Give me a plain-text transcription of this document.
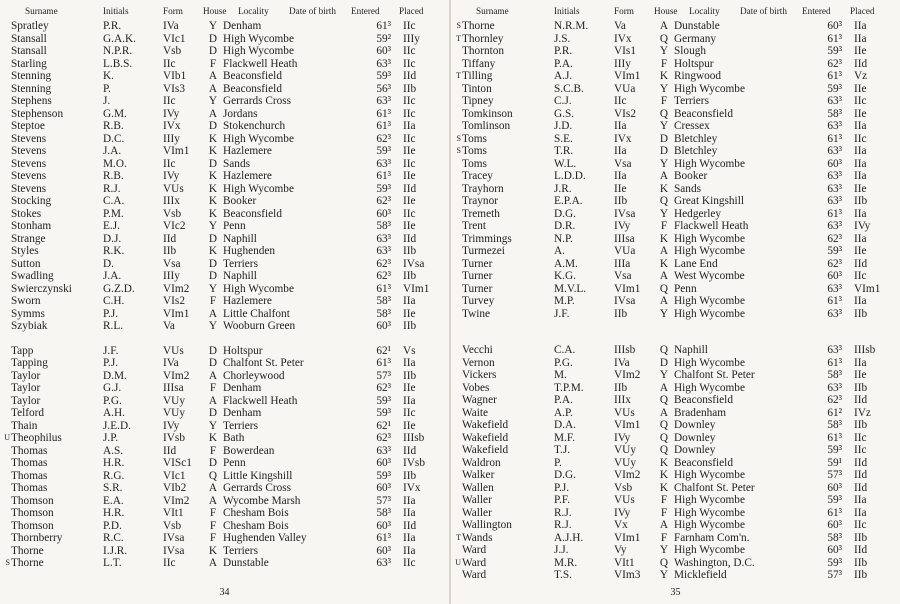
	Surname	Initials	Form	House	Locality Date of birth	Entered	Placed
	Spratley	P.R.	IVa	Y	Denham	61³	IIc
	Stansall	G.A.K.	VIc1	D	High Wycombe	59²	IIIy
	Stansall	N.P.R.	Vsb	D	High Wycombe	60³	IIc
	Starling	L.B.S.	IIc	F	Flackwell Heath	63³	IIc
	Stenning	K.	VIb1	A	Beaconsfield	59³	IId
	Stenning	P.	VIs3	A	Beaconsfield	56³	IIb
	Stephens	J.	IIc	Y	Gerrards Cross	63³	IIc
	Stephenson	G.M.	IVy	A	Jordans	61³	IIc
	Steptoe	R.B.	IVx	D	Stokenchurch	61³	IIa
	Stevens	D.C.	IIIy	K	High Wycombe	62³	IIc
	Stevens	J.A.	VIm1	K	Hazlemere	59³	IIe
	Stevens	M.O.	IIc	D	Sands	63³	IIc
	Stevens	R.B.	IVy	K	Hazlemere	61³	IIe
	Stevens	R.J.	VUs	K	High Wycombe	59³	IId
	Stocking	C.A.	IIIx	K	Booker	62³	IIe
	Stokes	P.M.	Vsb	K	Beaconsfield	60³	IIc
	Stonham	E.J.	VIc2	Y	Penn	58³	IIe
	Strange	D.J.	IId	D	Naphill	63³	IId
	Styles	R.K.	IIb	K	Hughenden	63³	IIb
	Sutton	D.	Vsa	D	Terriers	62³	IVsa
	Swadling	J.A.	IIIy	D	Naphill	62³	IIb
	Swierczynski	G.Z.D.	VIm2	Y	High Wycombe	61³	VIm1
	Sworn	C.H.	VIs2	F	Hazlemere	58³	IIa
	Symms	P.J.	VIm1	A	Little Chalfont	58³	IIe
	Szybiak	R.L.	Va	Y	Wooburn Green	60³	IIb

	Tapp	J.F.	VUs	D	Holtspur	62¹	Vs
	Tapping	P.J.	IVa	D	Chalfont St. Peter	61³	IIa
	Taylor	D.M.	VIm2	A	Chorleywood	57³	IIb
	Taylor	G.J.	IIIsa	F	Denham	62³	IIe
	Taylor	P.G.	VUy	A	Flackwell Heath	59³	IIa
	Telford	A.H.	VUy	D	Denham	59³	IIc
	Thain	J.E.D.	IVy	Y	Terriers	62¹	IIe
U	Theophilus	J.P.	IVsb	K	Bath	62³	IIIsb
	Thomas	A.S.	IId	F	Bowerdean	63³	IId
	Thomas	H.R.	VISc1	D	Penn	60³	IVsb
	Thomas	R.G.	VIc1	Q	Little Kingshill	59³	IIb
	Thomas	S.R.	VIb2	A	Gerrards Cross	60³	IVx
	Thomson	E.A.	VIm2	A	Wycombe Marsh	57³	IIa
	Thomson	H.R.	VIt1	F	Chesham Bois	58³	IIa
	Thomson	P.D.	Vsb	F	Chesham Bois	60³	IId
	Thornberry	R.C.	IVsa	F	Hughenden Valley	61³	IIa
	Thorne	I.J.R.	IVsa	K	Terriers	60³	IIa
S	Thorne	L.T.	IIc	A	Dunstable	63³	IIc
34
	Surname	Initials	Form	House	Locality Date of birth	Entered	Placed
S	Thorne	N.R.M.	Va	A	Dunstable	60³	IIa
T	Thornley	J.S.	IVx	Q	Germany	61³	IIa
	Thornton	P.R.	VIs1	Y	Slough	59³	IIe
	Tiffany	P.A.	IIIy	F	Holtspur	62³	IId
T	Tilling	A.J.	VIm1	K	Ringwood	61³	Vz
	Tinton	S.C.B.	VUa	Y	High Wycombe	59³	IIe
	Tipney	C.J.	IIc	F	Terriers	63³	IIc
	Tomkinson	G.S.	VIs2	Q	Beaconsfield	58³	IIe
	Tomlinson	J.D.	IIa	Y	Cressex	63³	IIa
S	Toms	S.E.	IVx	D	Bletchley	61³	IIc
S	Toms	T.R.	IIa	D	Bletchley	63³	IIa
	Toms	W.L.	Vsa	Y	High Wycombe	60³	IIa
	Tracey	L.D.D.	IIa	A	Booker	63³	IIa
	Trayhorn	J.R.	IIe	K	Sands	63³	IIe
	Traynor	E.P.A.	IIb	Q	Great Kingshill	63³	IIb
	Tremeth	D.G.	IVsa	Y	Hedgerley	61³	IIa
	Trent	D.R.	IVy	F	Flackwell Heath	63³	IVy
	Trimmings	N.P.	IIIsa	K	High Wycombe	62³	IIa
	Turmezei	A.	VUa	A	High Wycombe	59³	IIe
	Turner	A.M.	IIIa	K	Lane End	62³	IId
	Turner	K.G.	Vsa	A	West Wycombe	60³	IIc
	Turner	M.V.L.	VIm1	Q	Penn	63³	VIm1
	Turvey	M.P.	IVsa	A	High Wycombe	61³	IIa
	Twine	J.F.	IIb	Y	High Wycombe	63³	IIb

	Vecchi	C.A.	IIIsb	Q	Naphill	63³	IIIsb
	Vernon	P.G.	IVa	D	High Wycombe	61³	IIa
	Vickers	M.	VIm2	Y	Chalfont St. Peter	58³	IIe
	Vobes	T.P.M.	IIb	A	High Wycombe	63³	IIb
	Wagner	P.A.	IIIx	Q	Beaconsfield	62³	IId
	Waite	A.P.	VUs	A	Bradenham	61²	IVz
	Wakefield	D.A.	VIm1	Q	Downley	58³	IIb
	Wakefield	M.F.	IVy	Q	Downley	61³	IIc
	Wakefield	T.J.	VUy	Q	Downley	59³	IIc
	Waldron	P.	VUy	K	Beaconsfield	59¹	IId
	Walker	D.G.	VIm2	K	High Wycombe	57³	IId
	Wallen	P.J.	Vsb	K	Chalfont St. Peter	60³	IId
	Waller	P.F.	VUs	F	High Wycombe	59³	IIa
	Waller	R.J.	IVy	F	High Wycombe	61³	IIa
	Wallington	R.J.	Vx	A	High Wycombe	60³	IIc
T	Wands	A.J.H.	VIm1	F	Farnham Com'n.	58³	IIb
	Ward	J.J.	Vy	Y	High Wycombe	60³	IId
U	Ward	M.R.	VIt1	Q	Washington, D.C.	59³	IIb
	Ward	T.S.	VIm3	Y	Micklefield	57³	IIb
35
